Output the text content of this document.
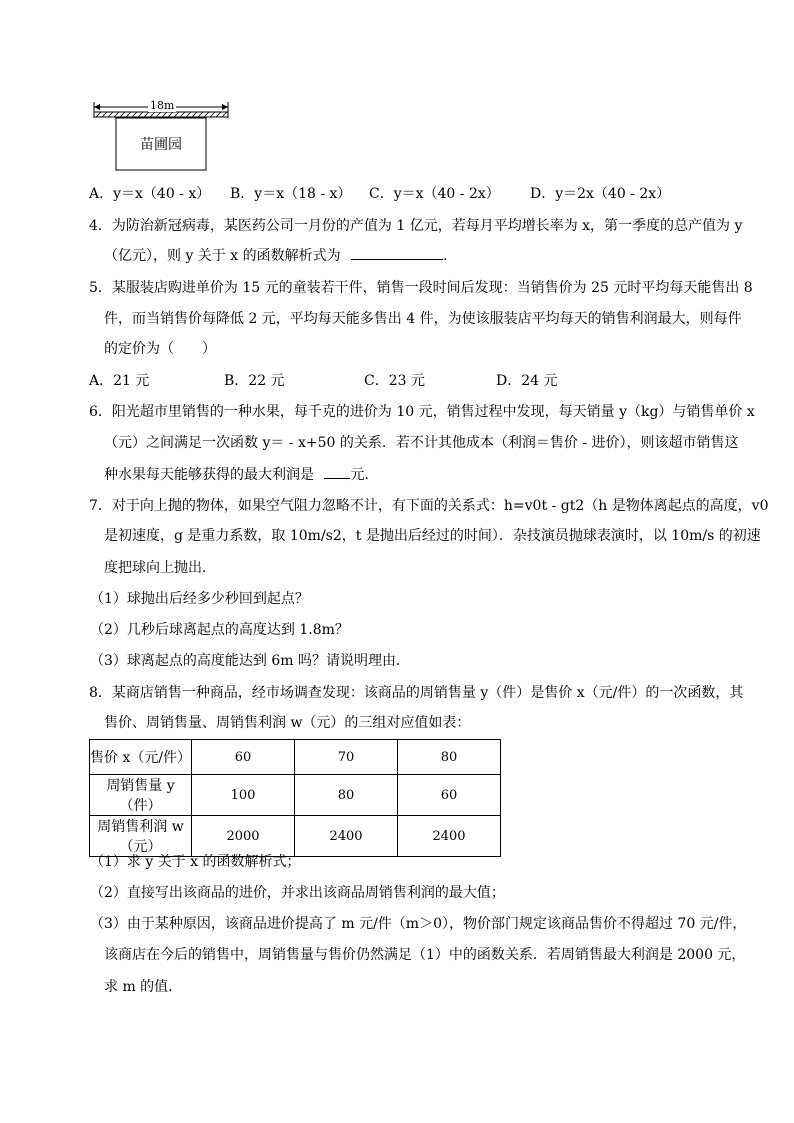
18m
苗圃园
A．y＝x（40 - x） B．y＝x（18 - x） C．y＝x（40 - 2x） D．y＝2x（40 - 2x）
4．为防治新冠病毒，某医药公司一月份的产值为 1 亿元，若每月平均增长率为 x，第一季度的总产值为 y
（亿元），则 y 关于 x 的函数解析式为	.
5．某服装店购进单价为 15 元的童装若干件，销售一段时间后发现：当销售价为 25 元时平均每天能售出 8
件，而当销售价每降低 2 元，平均每天能多售出 4 件，为使该服装店平均每天的销售利润最大，则每件
的定价为（　　）
A．21 元	B．22 元	C．23 元	D．24 元
6．阳光超市里销售的一种水果，每千克的进价为 10 元，销售过程中发现，每天销量 y（kg）与销售单价 x
（元）之间满足一次函数 y＝ - x+50 的关系．若不计其他成本（利润＝售价 - 进价），则该超市销售这
种水果每天能够获得的最大利润是	元.
7．对于向上抛的物体，如果空气阻力忽略不计，有下面的关系式：h=v0t - gt2（h 是物体离起点的高度，v0
是初速度，g 是重力系数，取 10m/s2，t 是抛出后经过的时间）．杂技演员抛球表演时，以 10m/s 的初速
度把球向上抛出．
（1）球抛出后经多少秒回到起点？
（2）几秒后球离起点的高度达到 1.8m？
（3）球离起点的高度能达到 6m 吗？请说明理由．
8．某商店销售一种商品，经市场调查发现：该商品的周销售量 y（件）是售价 x（元/件）的一次函数，其
售价、周销售量、周销售利润 w（元）的三组对应值如表：
售价 x（元/件）	60	70	80
周销售量 y（件）	100	80	60
周销售利润 w（元）	2000	2400	2400
（1）求 y 关于 x 的函数解析式；
（2）直接写出该商品的进价，并求出该商品周销售利润的最大值；
（3）由于某种原因，该商品进价提高了 m 元/件（m＞0），物价部门规定该商品售价不得超过 70 元/件，
该商店在今后的销售中，周销售量与售价仍然满足（1）中的函数关系．若周销售最大利润是 2000 元，
求 m 的值．
